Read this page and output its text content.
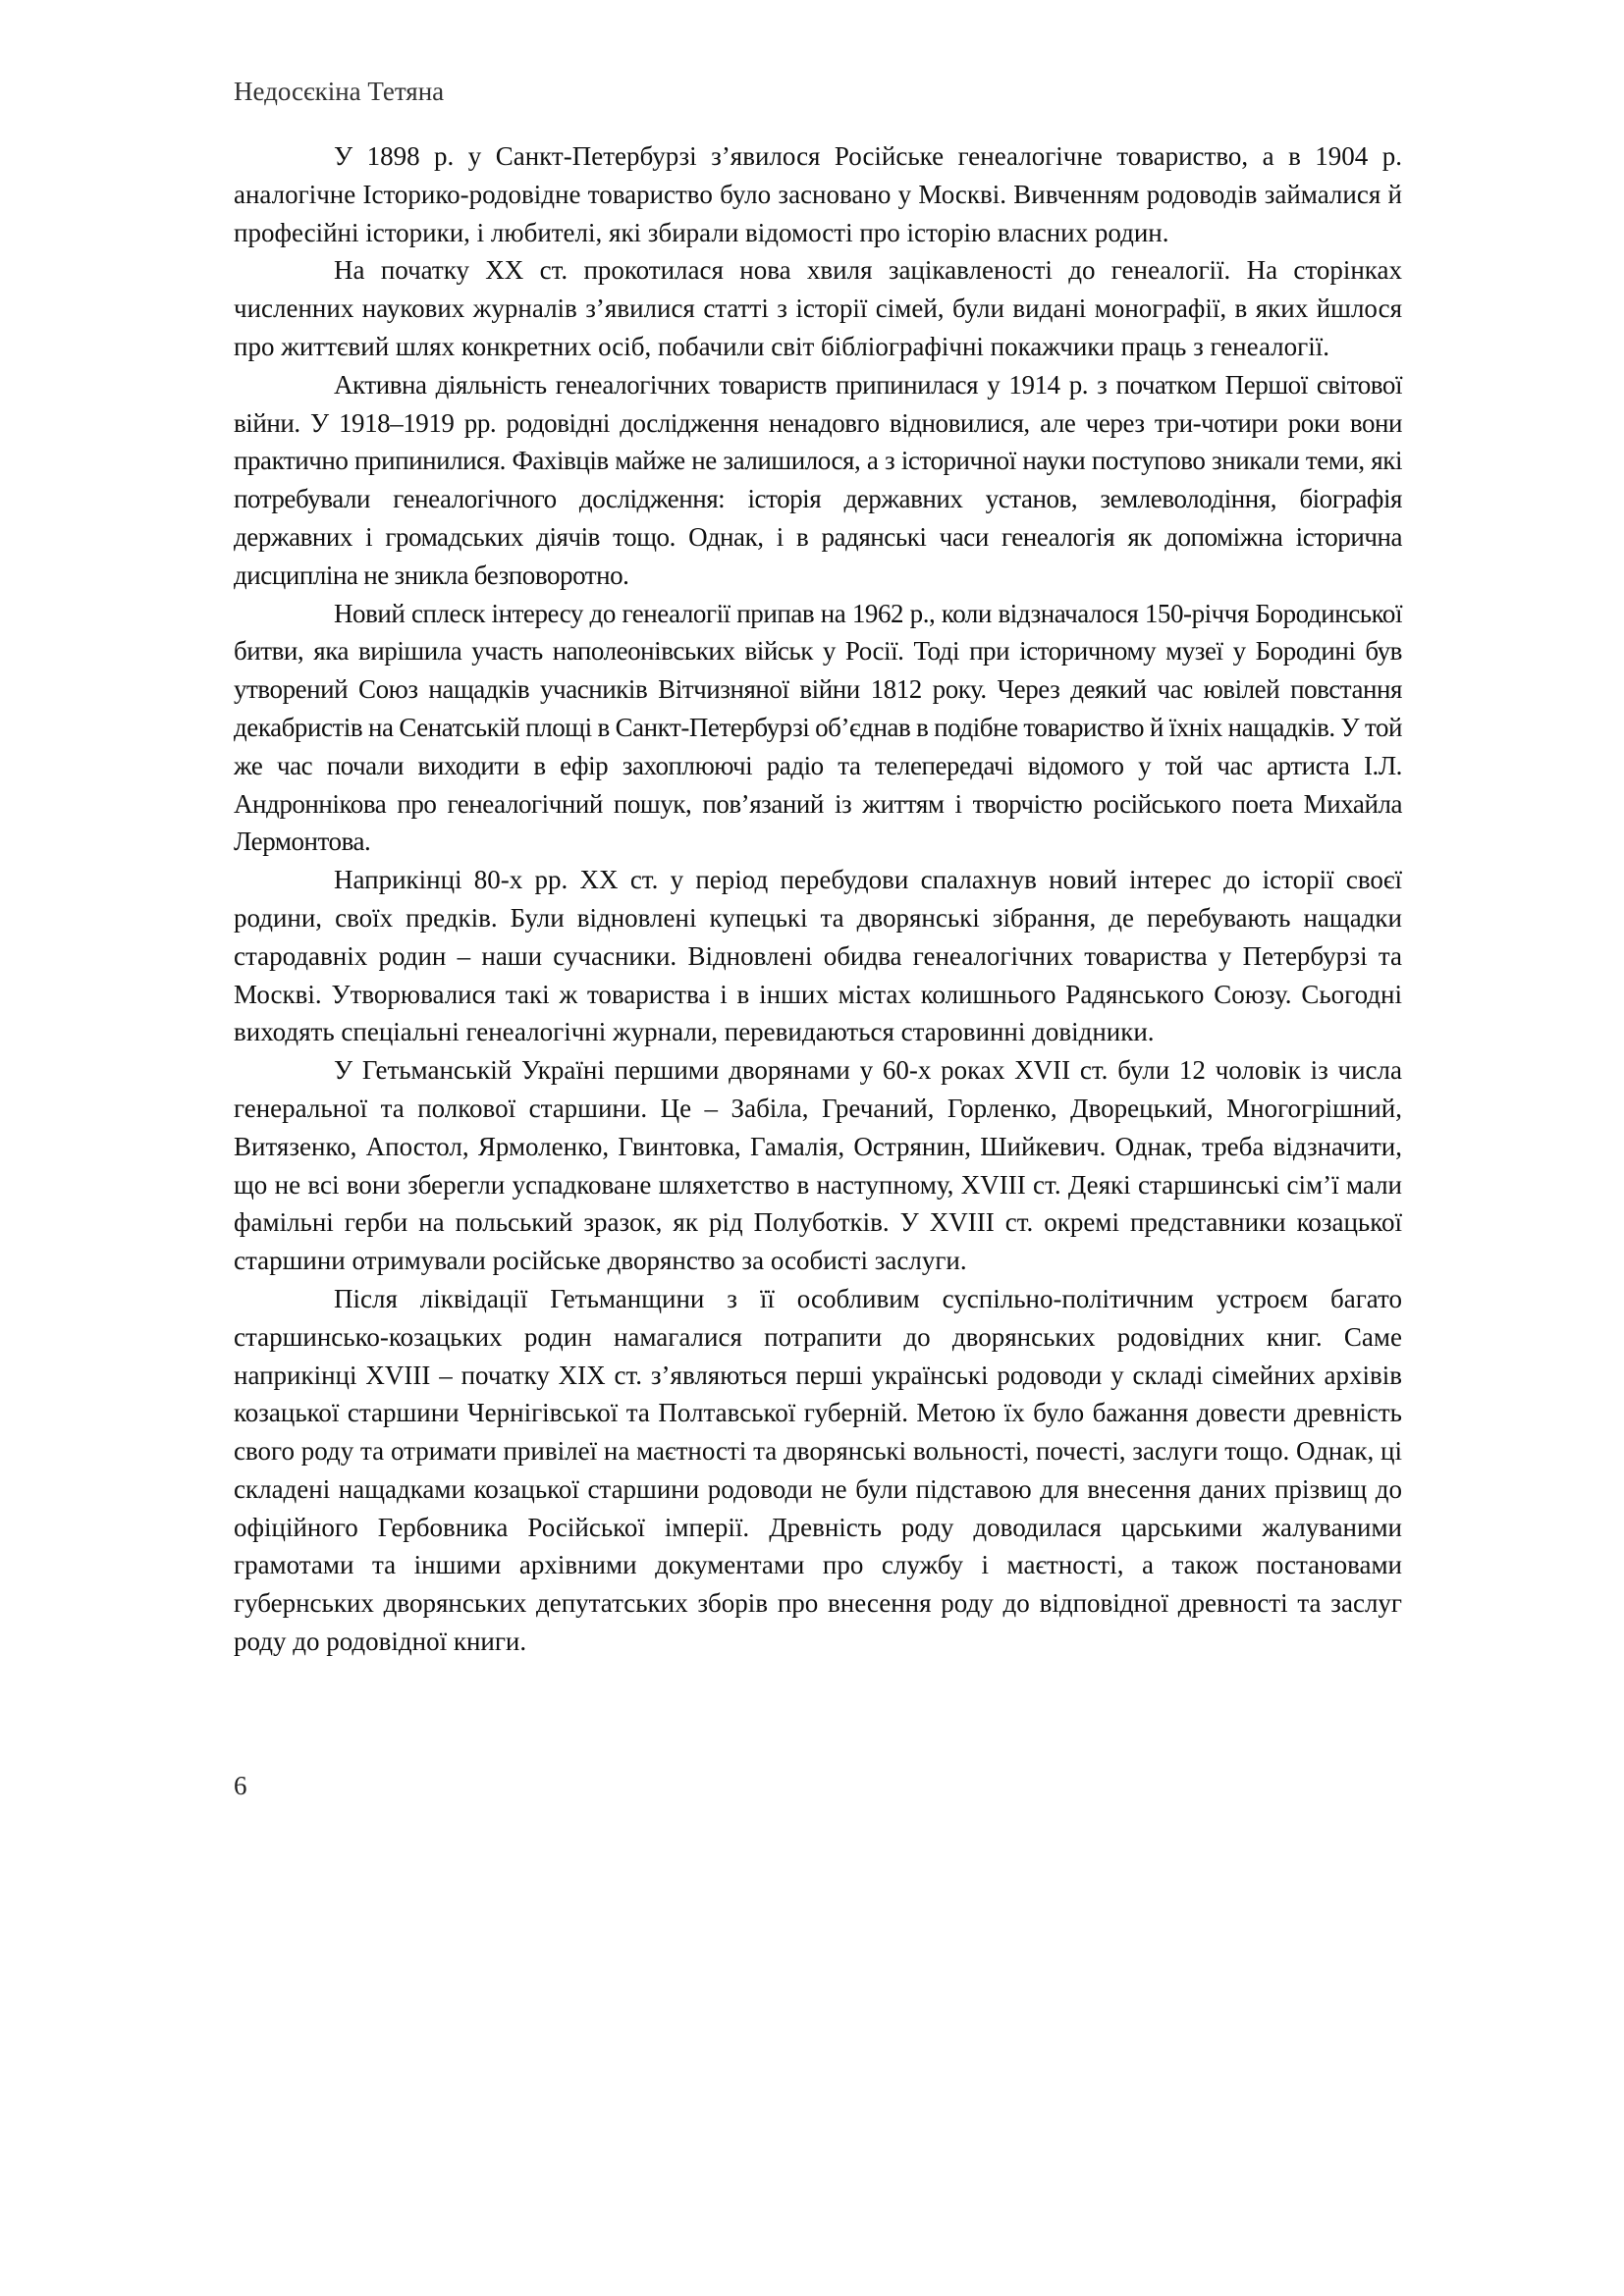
Недосєкіна Тетяна

У 1898 р. у Санкт-Петербурзі з’явилося Російське генеалогічне товариство, а в 1904 р. аналогічне Історико-родовідне товариство було засновано у Москві. Вивченням родоводів займалися й професійні історики, і любителі, які збирали відомості про історію власних родин.

На початку ХХ ст. прокотилася нова хвиля зацікавленості до генеалогії. На сторінках численних наукових журналів з’явилися статті з історії сімей, були видані монографії, в яких йшлося про життєвий шлях конкретних осіб, побачили світ бібліографічні покажчики праць з генеалогії.

Активна діяльність генеалогічних товариств припинилася у 1914 р. з початком Першої світової війни. У 1918–1919 рр. родовідні дослідження ненадовго відновилися, але через три-чотири роки вони практично припинилися. Фахівців майже не залишилося, а з історичної науки поступово зникали теми, які потребували генеалогічного дослідження: історія державних установ, землеволодіння, біографія державних і громадських діячів тощо. Однак, і в радянські часи генеалогія як допоміжна історична дисципліна не зникла безповоротно.

Новий сплеск інтересу до генеалогії припав на 1962 р., коли відзначалося 150-річчя Бородинської битви, яка вирішила участь наполеонівських військ у Росії. Тоді при історичному музеї у Бородині був утворений Союз нащадків учасників Вітчизняної війни 1812 року. Через деякий час ювілей повстання декабристів на Сенатській площі в Санкт-Петербурзі об’єднав в подібне товариство й їхніх нащадків. У той же час почали виходити в ефір захоплюючі радіо та телепередачі відомого у той час артиста І.Л. Андроннікова про генеалогічний пошук, пов’язаний із життям і творчістю російського поета Михайла Лермонтова.

Наприкінці 80-х рр. ХХ ст. у період перебудови спалахнув новий інтерес до історії своєї родини, своїх предків. Були відновлені купецькі та дворянські зібрання, де перебувають нащадки стародавніх родин – наши сучасники. Відновлені обидва генеалогічних товариства у Петербурзі та Москві. Утворювалися такі ж товариства і в інших містах колишнього Радянського Союзу. Сьогодні виходять спеціальні генеалогічні журнали, перевидаються старовинні довідники.

У Гетьманській Україні першими дворянами у 60-х роках ХVІІ ст. були 12 чоловік із числа генеральної та полкової старшини. Це – Забіла, Гречаний, Горленко, Дворецький, Многогрішний, Витязенко, Апостол, Ярмоленко, Гвинтовка, Гамалія, Острянин, Шийкевич. Однак, треба відзначити, що не всі вони зберегли успадковане шляхетство в наступному, ХVІІІ ст. Деякі старшинські сім’ї мали фамільні герби на польський зразок, як рід Полуботків. У ХVІІІ ст. окремі представники козацької старшини отримували російське дворянство за особисті заслуги.

Після ліквідації Гетьманщини з її особливим суспільно-політичним устроєм багато старшинсько-козацьких родин намагалися потрапити до дворянських родовідних книг. Саме наприкінці ХVІІІ – початку ХІХ ст. з’являються перші українські родоводи у складі сімейних архівів козацької старшини Чернігівської та Полтавської губерній. Метою їх було бажання довести древність свого роду та отримати привілеї на маєтності та дворянські вольності, почесті, заслуги тощо. Однак, ці складені нащадками козацької старшини родоводи не були підставою для внесення даних прізвищ до офіційного Гербовника Російської імперії. Древність роду доводилася царськими жалуваними грамотами та іншими архівними документами про службу і маєтності, а також постановами губернських дворянських депутатських зборів про внесення роду до відповідної древності та заслуг роду до родовідної книги.

6
